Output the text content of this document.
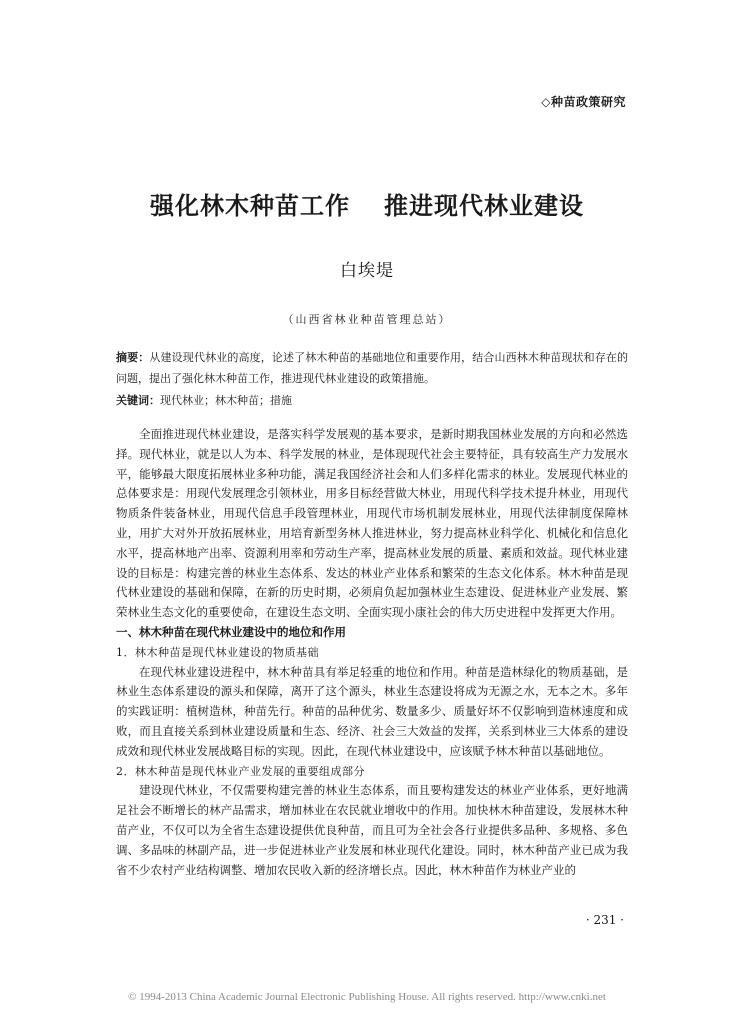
◇种苗政策研究
强化林木种苗工作 推进现代林业建设
白埃堤
（山西省林业种苗管理总站）

摘要：从建设现代林业的高度，论述了林木种苗的基础地位和重要作用，结合山西林木种苗现状和存在的问题，提出了强化林木种苗工作，推进现代林业建设的政策措施。

关键词：现代林业；林木种苗；措施

全面推进现代林业建设，是落实科学发展观的基本要求，是新时期我国林业发展的方向和必然选择。现代林业，就是以人为本、科学发展的林业，是体现现代社会主要特征，具有较高生产力发展水平，能够最大限度拓展林业多种功能，满足我国经济社会和人们多样化需求的林业。发展现代林业的总体要求是：用现代发展理念引领林业，用多目标经营做大林业，用现代科学技术提升林业，用现代物质条件装备林业，用现代信息手段管理林业，用现代市场机制发展林业，用现代法律制度保障林业，用扩大对外开放拓展林业，用培育新型务林人推进林业，努力提高林业科学化、机械化和信息化水平，提高林地产出率、资源利用率和劳动生产率，提高林业发展的质量、素质和效益。现代林业建设的目标是：构建完善的林业生态体系、发达的林业产业体系和繁荣的生态文化体系。林木种苗是现代林业建设的基础和保障，在新的历史时期，必须肩负起加强林业生态建设、促进林业产业发展、繁荣林业生态文化的重要使命，在建设生态文明、全面实现小康社会的伟大历史进程中发挥更大作用。

一、林木种苗在现代林业建设中的地位和作用

1．林木种苗是现代林业建设的物质基础

在现代林业建设进程中，林木种苗具有举足轻重的地位和作用。种苗是造林绿化的物质基础，是林业生态体系建设的源头和保障，离开了这个源头，林业生态建设将成为无源之水，无本之木。多年的实践证明：植树造林，种苗先行。种苗的品种优劣、数量多少、质量好坏不仅影响到造林速度和成败，而且直接关系到林业建设质量和生态、经济、社会三大效益的发挥，关系到林业三大体系的建设成效和现代林业发展战略目标的实现。因此，在现代林业建设中，应该赋予林木种苗以基础地位。

2．林木种苗是现代林业产业发展的重要组成部分

建设现代林业，不仅需要构建完善的林业生态体系，而且要构建发达的林业产业体系，更好地满足社会不断增长的林产品需求，增加林业在农民就业增收中的作用。加快林木种苗建设，发展林木种苗产业，不仅可以为全省生态建设提供优良种苗，而且可为全社会各行业提供多品种、多规格、多色调、多品味的林副产品，进一步促进林业产业发展和林业现代化建设。同时，林木种苗产业已成为我省不少农村产业结构调整、增加农民收入新的经济增长点。因此，林木种苗作为林业产业的

· 231 ·
© 1994-2013 China Academic Journal Electronic Publishing House. All rights reserved. http://www.cnki.net
